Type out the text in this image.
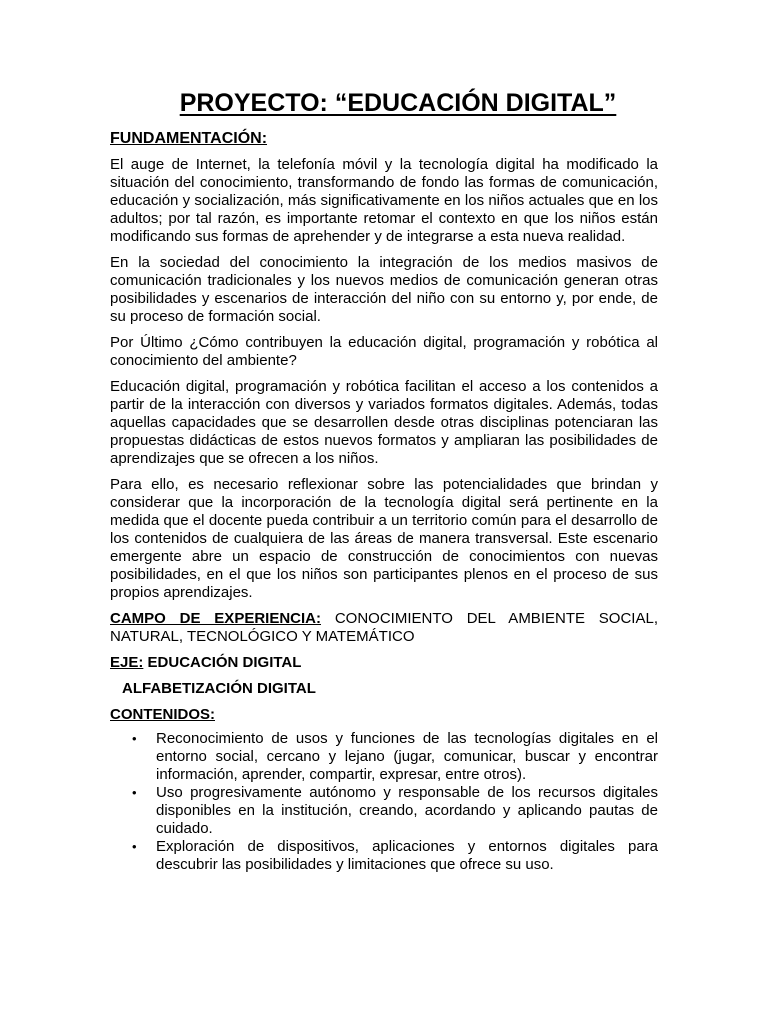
PROYECTO: “EDUCACIÓN DIGITAL”
FUNDAMENTACIÓN:

El auge de Internet, la telefonía móvil y la tecnología digital ha modificado la situación del conocimiento, transformando de fondo las formas de comunicación, educación y socialización, más significativamente en los niños actuales que en los adultos; por tal razón, es importante retomar el contexto en que los niños están modificando sus formas de aprehender y de integrarse a esta nueva realidad.

En la sociedad del conocimiento la integración de los medios masivos de comunicación tradicionales y los nuevos medios de comunicación generan otras posibilidades y escenarios de interacción del niño con su entorno y, por ende, de su proceso de formación social.

Por Último ¿Cómo contribuyen la educación digital, programación y robótica al conocimiento del ambiente?

Educación digital, programación y robótica facilitan el acceso a los contenidos a partir de la interacción con diversos y variados formatos digitales. Además, todas aquellas capacidades que se desarrollen desde otras disciplinas potenciaran las propuestas didácticas de estos nuevos formatos y ampliaran las posibilidades de aprendizajes que se ofrecen a los niños.

Para ello, es necesario reflexionar sobre las potencialidades que brindan y considerar que la incorporación de la tecnología digital será pertinente en la medida que el docente pueda contribuir a un territorio común para el desarrollo de los contenidos de cualquiera de las áreas de manera transversal. Este escenario emergente abre un espacio de construcción de conocimientos con nuevas posibilidades, en el que los niños son participantes plenos en el proceso de sus propios aprendizajes.

CAMPO DE EXPERIENCIA: CONOCIMIENTO DEL AMBIENTE SOCIAL, NATURAL, TECNOLÓGICO Y MATEMÁTICO
EJE: EDUCACIÓN DIGITAL
ALFABETIZACIÓN DIGITAL
CONTENIDOS:
• Reconocimiento de usos y funciones de las tecnologías digitales en el entorno social, cercano y lejano (jugar, comunicar, buscar y encontrar información, aprender, compartir, expresar, entre otros).
• Uso progresivamente autónomo y responsable de los recursos digitales disponibles en la institución, creando, acordando y aplicando pautas de cuidado.
• Exploración de dispositivos, aplicaciones y entornos digitales para descubrir las posibilidades y limitaciones que ofrece su uso.
